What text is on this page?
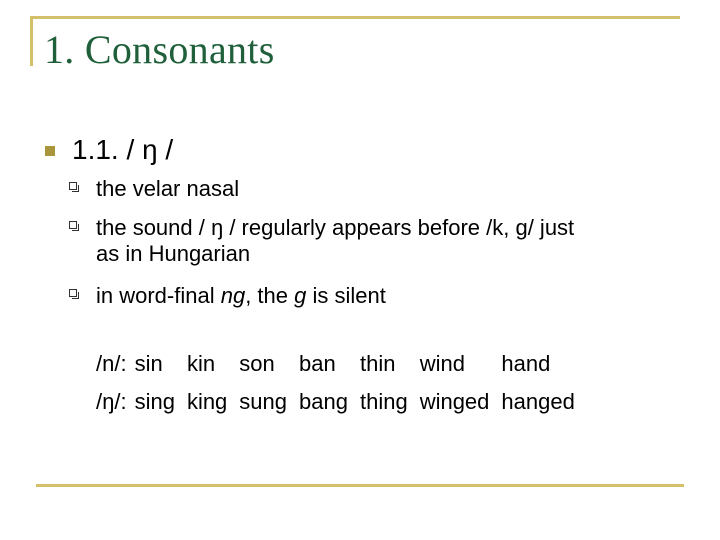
1. Consonants
1.1. / ŋ /
the velar nasal
the sound / ŋ / regularly appears before /k, g/ just
as in Hungarian
in word-final ng, the g is silent
/n/:	sin	kin	son	ban	thin	wind	hand
/ŋ/:	sing	king	sung	bang	thing	winged	hanged
